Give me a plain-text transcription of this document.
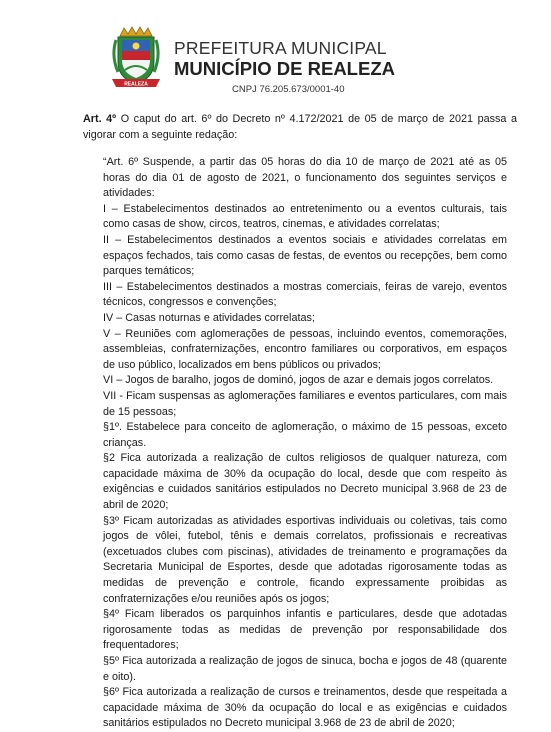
REALEZA
PREFEITURA MUNICIPAL
MUNICÍPIO DE REALEZA
CNPJ 76.205.673/0001-40
Art. 4º O caput do art. 6º do Decreto nº 4.172/2021 de 05 de março de 2021 passa a vigorar com a seguinte redação:

“Art. 6º Suspende, a partir das 05 horas do dia 10 de março de 2021 até as 05 horas do dia 01 de agosto de 2021, o funcionamento dos seguintes serviços e atividades:

I – Estabelecimentos destinados ao entretenimento ou a eventos culturais, tais como casas de show, circos, teatros, cinemas, e atividades correlatas;

II – Estabelecimentos destinados a eventos sociais e atividades correlatas em espaços fechados, tais como casas de festas, de eventos ou recepções, bem como parques temáticos;

III – Estabelecimentos destinados a mostras comerciais, feiras de varejo, eventos técnicos, congressos e convenções;

IV – Casas noturnas e atividades correlatas;

V – Reuniões com aglomerações de pessoas, incluindo eventos, comemorações, assembleias, confraternizações, encontro familiares ou corporativos, em espaços de uso público, localizados em bens públicos ou privados;

VI – Jogos de baralho, jogos de dominó, jogos de azar e demais jogos correlatos.

VII - Ficam suspensas as aglomerações familiares e eventos particulares, com mais de 15 pessoas;

§1º. Estabelece para conceito de aglomeração, o máximo de 15 pessoas, exceto crianças.

§2 Fica autorizada a realização de cultos religiosos de qualquer natureza, com capacidade máxima de 30% da ocupação do local, desde que com respeito às exigências e cuidados sanitários estipulados no Decreto municipal 3.968 de 23 de abril de 2020;

§3º Ficam autorizadas as atividades esportivas individuais ou coletivas, tais como jogos de vôlei, futebol, tênis e demais correlatos, profissionais e recreativas (excetuados clubes com piscinas), atividades de treinamento e programações da Secretaria Municipal de Esportes, desde que adotadas rigorosamente todas as medidas de prevenção e controle, ficando expressamente proibidas as confraternizações e/ou reuniões após os jogos;

§4º Ficam liberados os parquinhos infantis e particulares, desde que adotadas rigorosamente todas as medidas de prevenção por responsabilidade dos frequentadores;

§5º Fica autorizada a realização de jogos de sinuca, bocha e jogos de 48 (quarente e oito).

§6º Fica autorizada a realização de cursos e treinamentos, desde que respeitada a capacidade máxima de 30% da ocupação do local e as exigências e cuidados sanitários estipulados no Decreto municipal 3.968 de 23 de abril de 2020;
